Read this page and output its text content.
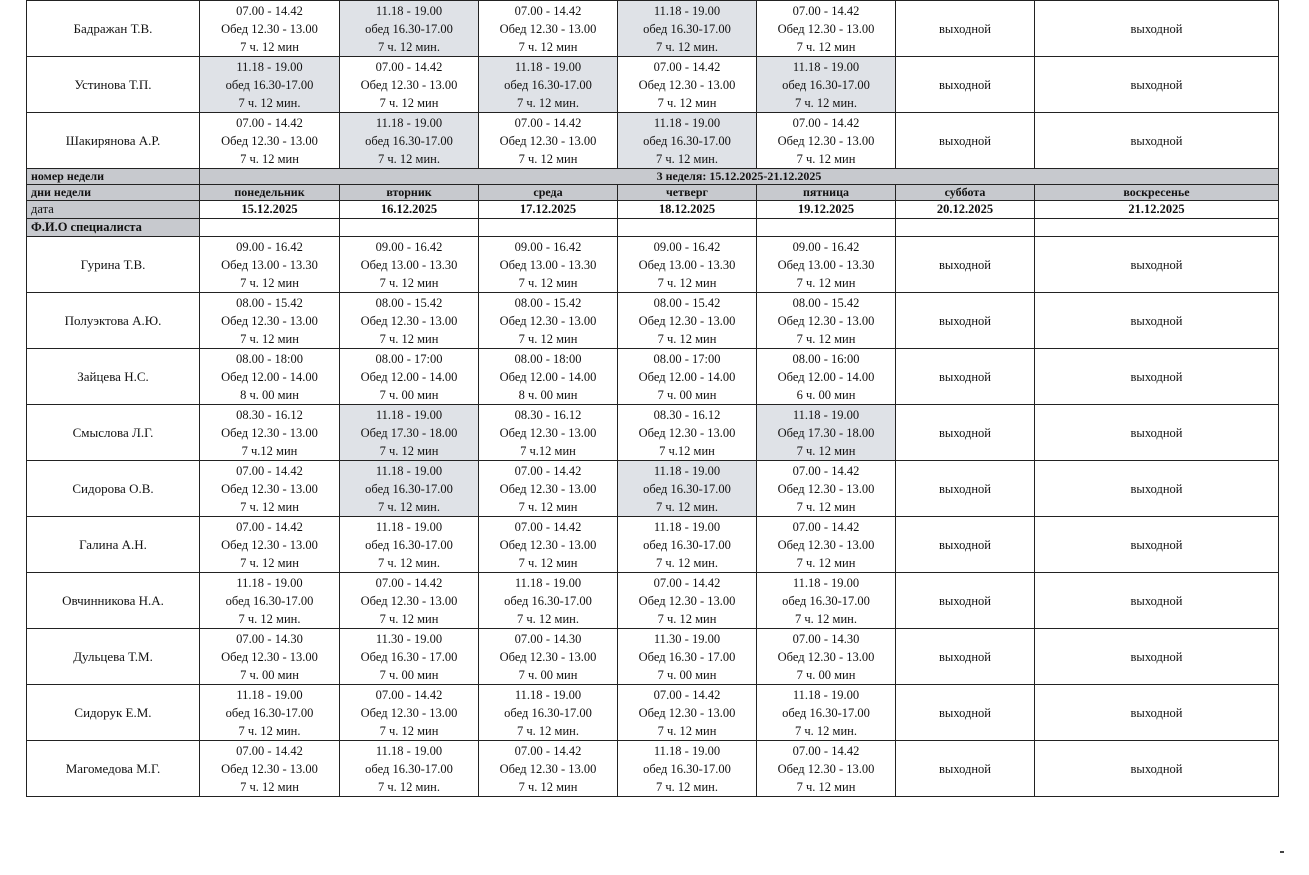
Бадражан Т.В.	07.00 - 14.42
Обед 12.30 - 13.00
7 ч. 12 мин	11.18 - 19.00
обед 16.30-17.00
7 ч. 12 мин.	07.00 - 14.42
Обед 12.30 - 13.00
7 ч. 12 мин	11.18 - 19.00
обед 16.30-17.00
7 ч. 12 мин.	07.00 - 14.42
Обед 12.30 - 13.00
7 ч. 12 мин	выходной	выходной
Устинова Т.П.	11.18 - 19.00
обед 16.30-17.00
7 ч. 12 мин.	07.00 - 14.42
Обед 12.30 - 13.00
7 ч. 12 мин	11.18 - 19.00
обед 16.30-17.00
7 ч. 12 мин.	07.00 - 14.42
Обед 12.30 - 13.00
7 ч. 12 мин	11.18 - 19.00
обед 16.30-17.00
7 ч. 12 мин.	выходной	выходной
Шакирянова А.Р.	07.00 - 14.42
Обед 12.30 - 13.00
7 ч. 12 мин	11.18 - 19.00
обед 16.30-17.00
7 ч. 12 мин.	07.00 - 14.42
Обед 12.30 - 13.00
7 ч. 12 мин	11.18 - 19.00
обед 16.30-17.00
7 ч. 12 мин.	07.00 - 14.42
Обед 12.30 - 13.00
7 ч. 12 мин	выходной	выходной
номер недели	3 неделя: 15.12.2025-21.12.2025						
дни недели	понедельник	вторник	среда	четверг	пятница	суббота	воскресенье
дата	15.12.2025	16.12.2025	17.12.2025	18.12.2025	19.12.2025	20.12.2025	21.12.2025
Ф.И.О специалиста							
Гурина Т.В.	09.00 - 16.42
Обед 13.00 - 13.30
7 ч. 12 мин	09.00 - 16.42
Обед 13.00 - 13.30
7 ч. 12 мин	09.00 - 16.42
Обед 13.00 - 13.30
7 ч. 12 мин	09.00 - 16.42
Обед 13.00 - 13.30
7 ч. 12 мин	09.00 - 16.42
Обед 13.00 - 13.30
7 ч. 12 мин	выходной	выходной
Полуэктова А.Ю.	08.00 - 15.42
Обед 12.30 - 13.00
7 ч. 12 мин	08.00 - 15.42
Обед 12.30 - 13.00
7 ч. 12 мин	08.00 - 15.42
Обед 12.30 - 13.00
7 ч. 12 мин	08.00 - 15.42
Обед 12.30 - 13.00
7 ч. 12 мин	08.00 - 15.42
Обед 12.30 - 13.00
7 ч. 12 мин	выходной	выходной
Зайцева Н.С.	08.00 - 18:00
Обед 12.00 - 14.00
8 ч. 00 мин	08.00 - 17:00
Обед 12.00 - 14.00
7 ч. 00 мин	08.00 - 18:00
Обед 12.00 - 14.00
8 ч. 00 мин	08.00 - 17:00
Обед 12.00 - 14.00
7 ч. 00 мин	08.00 - 16:00
Обед 12.00 - 14.00
6 ч. 00 мин	выходной	выходной
Смыслова Л.Г.	08.30 - 16.12
Обед 12.30 - 13.00
7 ч.12 мин	11.18 - 19.00
Обед 17.30 - 18.00
7 ч. 12 мин	08.30 - 16.12
Обед 12.30 - 13.00
7 ч.12 мин	08.30 - 16.12
Обед 12.30 - 13.00
7 ч.12 мин	11.18 - 19.00
Обед 17.30 - 18.00
7 ч. 12 мин	выходной	выходной
Сидорова О.В.	07.00 - 14.42
Обед 12.30 - 13.00
7 ч. 12 мин	11.18 - 19.00
обед 16.30-17.00
7 ч. 12 мин.	07.00 - 14.42
Обед 12.30 - 13.00
7 ч. 12 мин	11.18 - 19.00
обед 16.30-17.00
7 ч. 12 мин.	07.00 - 14.42
Обед 12.30 - 13.00
7 ч. 12 мин	выходной	выходной
Галина А.Н.	07.00 - 14.42
Обед 12.30 - 13.00
7 ч. 12 мин	11.18 - 19.00
обед 16.30-17.00
7 ч. 12 мин.	07.00 - 14.42
Обед 12.30 - 13.00
7 ч. 12 мин	11.18 - 19.00
обед 16.30-17.00
7 ч. 12 мин.	07.00 - 14.42
Обед 12.30 - 13.00
7 ч. 12 мин	выходной	выходной
Овчинникова Н.А.	11.18 - 19.00
обед 16.30-17.00
7 ч. 12 мин.	07.00 - 14.42
Обед 12.30 - 13.00
7 ч. 12 мин	11.18 - 19.00
обед 16.30-17.00
7 ч. 12 мин.	07.00 - 14.42
Обед 12.30 - 13.00
7 ч. 12 мин	11.18 - 19.00
обед 16.30-17.00
7 ч. 12 мин.	выходной	выходной
Дульцева Т.М.	07.00 - 14.30
Обед 12.30 - 13.00
7 ч. 00 мин	11.30 - 19.00
Обед 16.30 - 17.00
7 ч. 00 мин	07.00 - 14.30
Обед 12.30 - 13.00
7 ч. 00 мин	11.30 - 19.00
Обед 16.30 - 17.00
7 ч. 00 мин	07.00 - 14.30
Обед 12.30 - 13.00
7 ч. 00 мин	выходной	выходной
Сидорук Е.М.	11.18 - 19.00
обед 16.30-17.00
7 ч. 12 мин.	07.00 - 14.42
Обед 12.30 - 13.00
7 ч. 12 мин	11.18 - 19.00
обед 16.30-17.00
7 ч. 12 мин.	07.00 - 14.42
Обед 12.30 - 13.00
7 ч. 12 мин	11.18 - 19.00
обед 16.30-17.00
7 ч. 12 мин.	выходной	выходной
Магомедова М.Г.	07.00 - 14.42
Обед 12.30 - 13.00
7 ч. 12 мин	11.18 - 19.00
обед 16.30-17.00
7 ч. 12 мин.	07.00 - 14.42
Обед 12.30 - 13.00
7 ч. 12 мин	11.18 - 19.00
обед 16.30-17.00
7 ч. 12 мин.	07.00 - 14.42
Обед 12.30 - 13.00
7 ч. 12 мин	выходной	выходной
